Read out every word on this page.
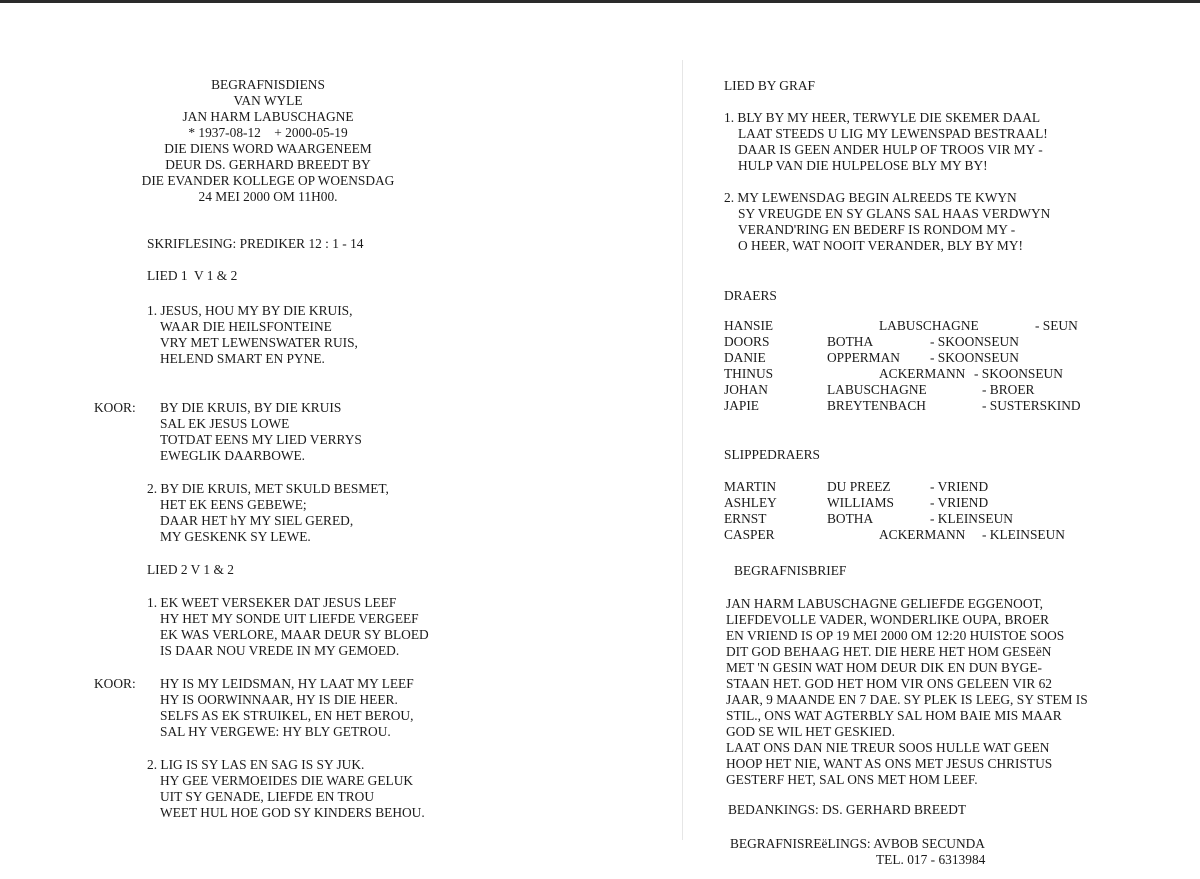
BEGRAFNISDIENS
VAN WYLE
JAN HARM LABUSCHAGNE
* 1937-08-12    + 2000-05-19
DIE DIENS WORD WAARGENEEM
DEUR DS. GERHARD BREEDT BY
DIE EVANDER KOLLEGE OP WOENSDAG
24 MEI 2000 OM 11H00.
SKRIFLESING: PREDIKER 12 : 1 - 14
LIED 1  V 1 & 2
1. JESUS, HOU MY BY DIE KRUIS,
WAAR DIE HEILSFONTEINE
VRY MET LEWENSWATER RUIS,
HELEND SMART EN PYNE.
KOOR: BY DIE KRUIS, BY DIE KRUIS
SAL EK JESUS LOWE
TOTDAT EENS MY LIED VERRYS
EWEGLIK DAARBOWE.
2. BY DIE KRUIS, MET SKULD BESMET,
HET EK EENS GEBEWE;
DAAR HET hY MY SIEL GERED,
MY GESKENK SY LEWE.
LIED 2 V 1 & 2
1. EK WEET VERSEKER DAT JESUS LEEF
HY HET MY SONDE UIT LIEFDE VERGEEF
EK WAS VERLORE, MAAR DEUR SY BLOED
IS DAAR NOU VREDE IN MY GEMOED.
KOOR: HY IS MY LEIDSMAN, HY LAAT MY LEEF
HY IS OORWINNAAR, HY IS DIE HEER.
SELFS AS EK STRUIKEL, EN HET BEROU,
SAL HY VERGEWE: HY BLY GETROU.
2. LIG IS SY LAS EN SAG IS SY JUK.
HY GEE VERMOEIDES DIE WARE GELUK
UIT SY GENADE, LIEFDE EN TROU
WEET HUL HOE GOD SY KINDERS BEHOU.
LIED BY GRAF
1. BLY BY MY HEER, TERWYLE DIE SKEMER DAAL
LAAT STEEDS U LIG MY LEWENSPAD BESTRAAL!
DAAR IS GEEN ANDER HULP OF TROOS VIR MY -
HULP VAN DIE HULPELOSE BLY MY BY!
2. MY LEWENSDAG BEGIN ALREEDS TE KWYN
SY VREUGDE EN SY GLANS SAL HAAS VERDWYN
VERAND'RING EN BEDERF IS RONDOM MY -
O HEER, WAT NOOIT VERANDER, BLY BY MY!
DRAERS
HANSIE	LABUSCHAGNE	- SEUN
DOORS	BOTHA	- SKOONSEUN
DANIE	OPPERMAN - SKOONSEUN
THINUS	ACKERMANN - SKOONSEUN
JOHAN	LABUSCHAGNE	- BROER
JAPIE	BREYTENBACH	- SUSTERSKIND
SLIPPEDRAERS
MARTIN	DU PREEZ	- VRIEND
ASHLEY	WILLIAMS	- VRIEND
ERNST	BOTHA	- KLEINSEUN
CASPER	ACKERMANN - KLEINSEUN
BEGRAFNISBRIEF
JAN HARM LABUSCHAGNE GELIEFDE EGGENOOT,
LIEFDEVOLLE VADER, WONDERLIKE OUPA, BROER
EN VRIEND IS OP 19 MEI 2000 OM 12:20 HUISTOE SOOS
DIT GOD BEHAAG HET. DIE HERE HET HOM GESEëN
MET 'N GESIN WAT HOM DEUR DIK EN DUN BYGE-
STAAN HET. GOD HET HOM VIR ONS GELEEN VIR 62
JAAR, 9 MAANDE EN 7 DAE. SY PLEK IS LEEG, SY STEM IS
STIL., ONS WAT AGTERBLY SAL HOM BAIE MIS MAAR
GOD SE WIL HET GESKIED.
LAAT ONS DAN NIE TREUR SOOS HULLE WAT GEEN
HOOP HET NIE, WANT AS ONS MET JESUS CHRISTUS
GESTERF HET, SAL ONS MET HOM LEEF.
BEDANKINGS: DS. GERHARD BREEDT
BEGRAFNISREëLINGS: AVBOB SECUNDA
TEL. 017 - 6313984
